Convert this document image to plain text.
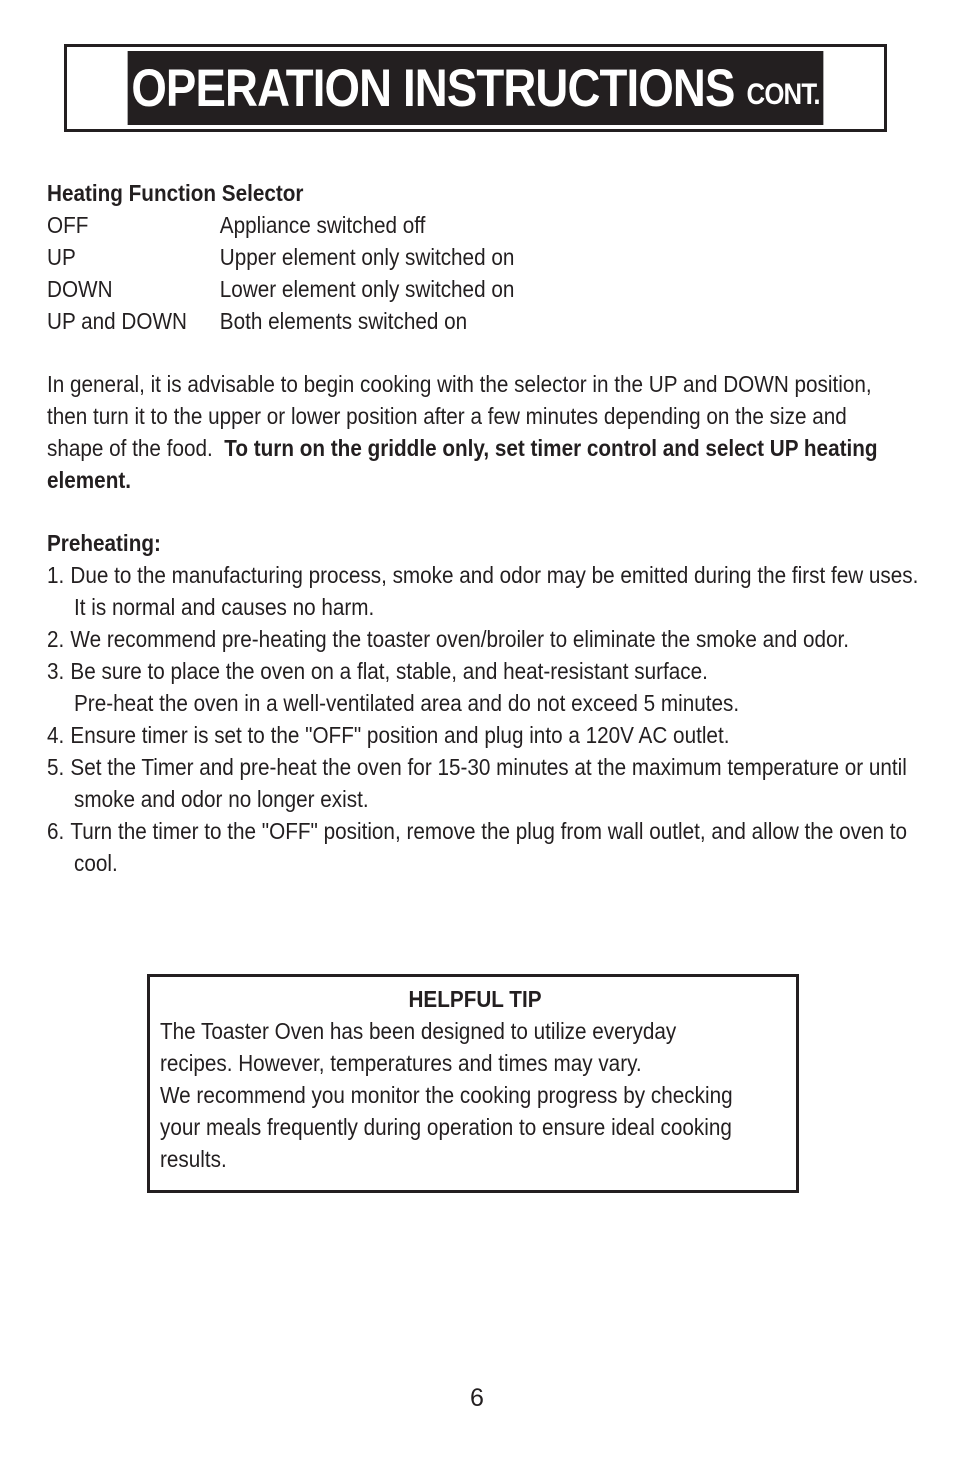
OPERATION INSTRUCTIONS CONT.
Heating Function Selector
OFF	Appliance switched off
UP	Upper element only switched on
DOWN	Lower element only switched on
UP and DOWN	Both elements switched on
In general, it is advisable to begin cooking with the selector in the UP and DOWN position, then turn it to the upper or lower position after a few minutes depending on the size and shape of the food. To turn on the griddle only, set timer control and select UP heating element.
Preheating:
1. Due to the manufacturing process, smoke and odor may be emitted during the first few uses. It is normal and causes no harm.
2. We recommend pre-heating the toaster oven/broiler to eliminate the smoke and odor.
3. Be sure to place the oven on a flat, stable, and heat-resistant surface.
Pre-heat the oven in a well-ventilated area and do not exceed 5 minutes.
4. Ensure timer is set to the "OFF" position and plug into a 120V AC outlet.
5. Set the Timer and pre-heat the oven for 15-30 minutes at the maximum temperature or until smoke and odor no longer exist.
6. Turn the timer to the "OFF" position, remove the plug from wall outlet, and allow the oven to cool.
HELPFUL TIP
The Toaster Oven has been designed to utilize everyday
recipes. However, temperatures and times may vary.
We recommend you monitor the cooking progress by checking
your meals frequently during operation to ensure ideal cooking
results.
6
